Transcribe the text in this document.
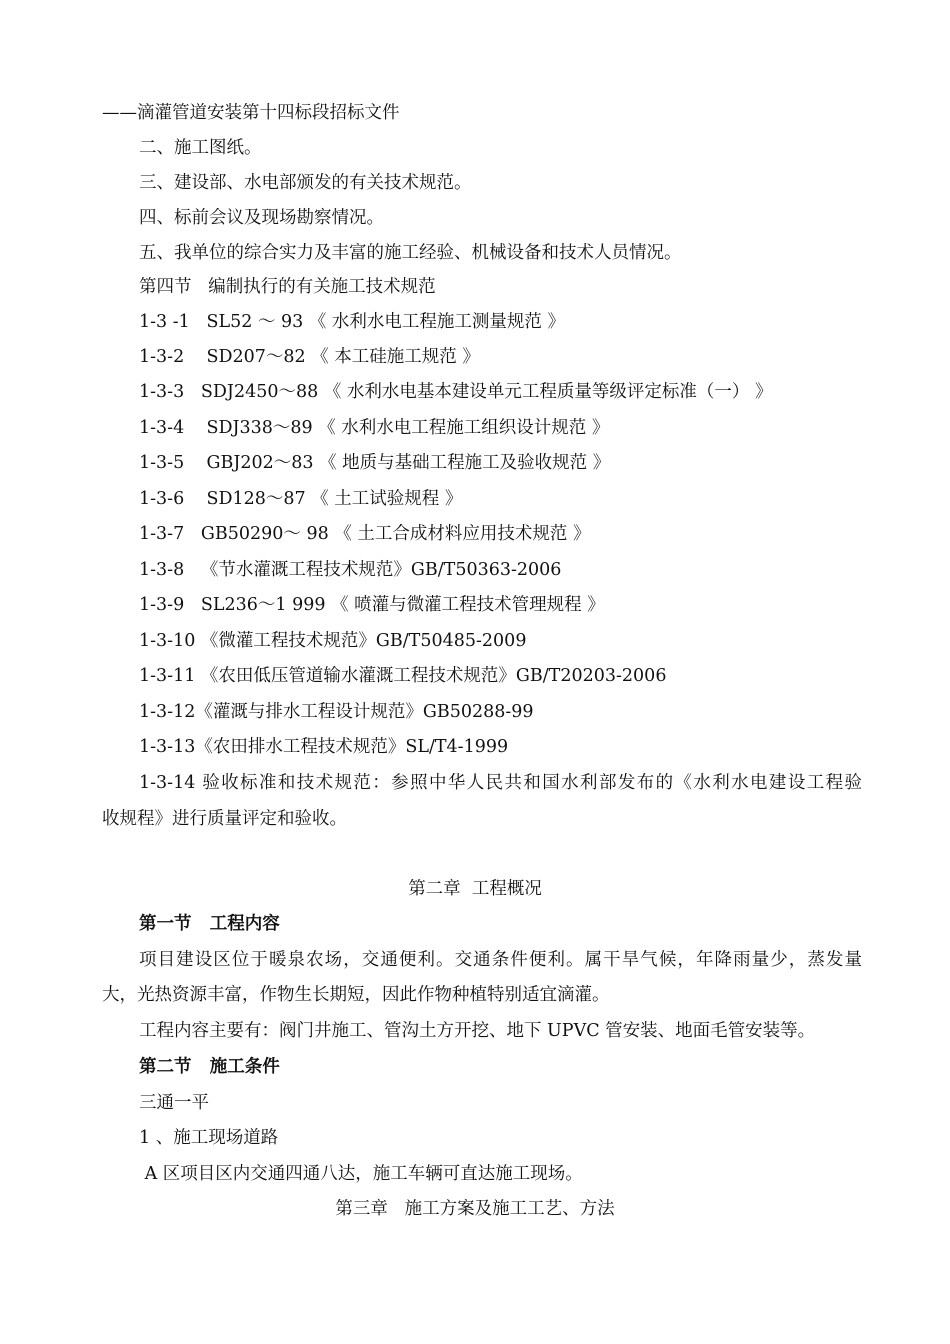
——滴灌管道安装第十四标段招标文件
二、施工图纸。
三、建设部、水电部颁发的有关技术规范。
四、标前会议及现场勘察情况。
五、我单位的综合实力及丰富的施工经验、机械设备和技术人员情况。
第四节   编制执行的有关施工技术规范
1-3 -1   SL52 ～ 93 《 水利水电工程施工测量规范 》
1-3-2    SD207～82 《 本工硅施工规范 》
1-3-3   SDJ2450～88 《 水利水电基本建设单元工程质量等级评定标准（一） 》
1-3-4    SDJ338～89 《 水利水电工程施工组织设计规范 》
1-3-5    GBJ202～83 《 地质与基础工程施工及验收规范 》
1-3-6    SD128～87 《 土工试验规程 》
1-3-7   GB50290～ 98 《 土工合成材料应用技术规范 》
1-3-8   《节水灌溉工程技术规范》GB/T50363-2006
1-3-9   SL236～1 999 《 喷灌与微灌工程技术管理规程 》
1-3-10 《微灌工程技术规范》GB/T50485-2009
1-3-11 《农田低压管道输水灌溉工程技术规范》GB/T20203-2006
1-3-12《灌溉与排水工程设计规范》GB50288-99
1-3-13《农田排水工程技术规范》SL/T4-1999
1-3-14 验收标准和技术规范：参照中华人民共和国水利部发布的《水利水电建设工程验
收规程》进行质量评定和验收。
第二章  工程概况
第一节   工程内容
项目建设区位于暖泉农场，交通便利。交通条件便利。属干旱气候，年降雨量少，蒸发量
大，光热资源丰富，作物生长期短，因此作物种植特别适宜滴灌。
工程内容主要有：阀门井施工、管沟土方开挖、地下 UPVC 管安装、地面毛管安装等。
第二节   施工条件
三通一平
1 、施工现场道路
A 区项目区内交通四通八达，施工车辆可直达施工现场。
第三章   施工方案及施工工艺、方法
